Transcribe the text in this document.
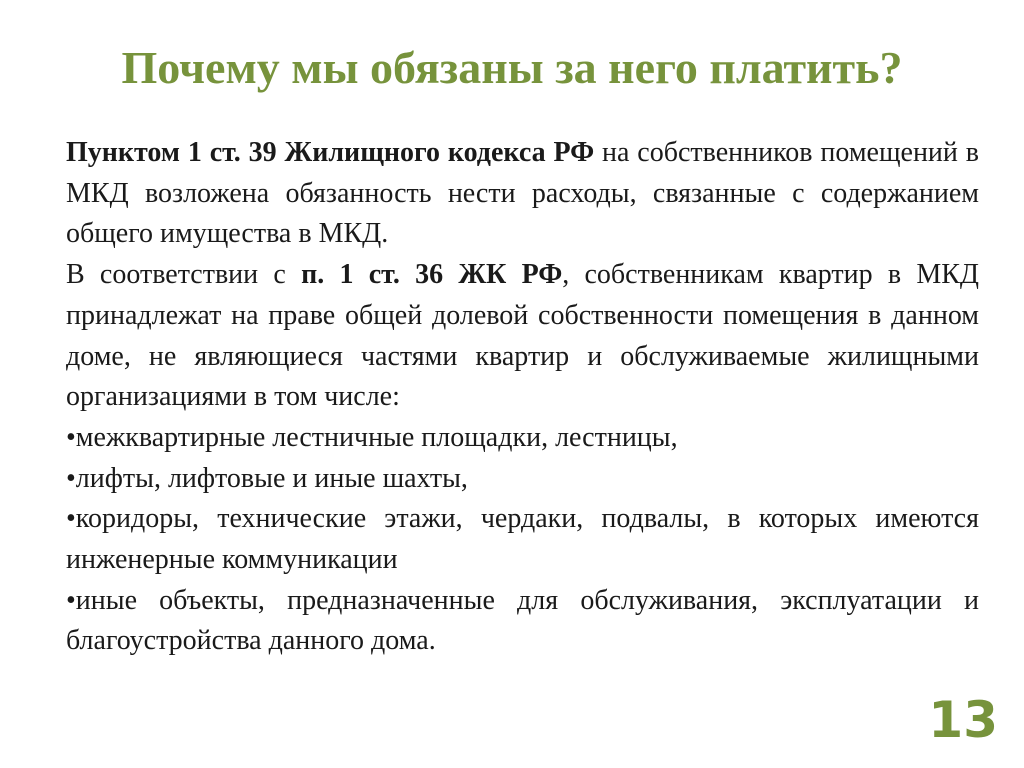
Почему мы обязаны за него платить?

Пунктом 1 ст. 39 Жилищного кодекса РФ на собственников помещений в МКД возложена обязанность нести расходы, связанные с содержанием общего имущества в МКД.

В соответствии с п. 1 ст. 36 ЖК РФ, собственникам квартир в МКД принадлежат на праве общей долевой собственности помещения в данном доме, не являющиеся частями квартир и обслуживаемые жилищными организациями в том числе:

•межквартирные лестничные площадки, лестницы,

•лифты, лифтовые и иные шахты,

•коридоры, технические этажи, чердаки, подвалы, в которых имеются инженерные коммуникации

•иные объекты, предназначенные для обслуживания, эксплуатации и благоустройства данного дома.

13
